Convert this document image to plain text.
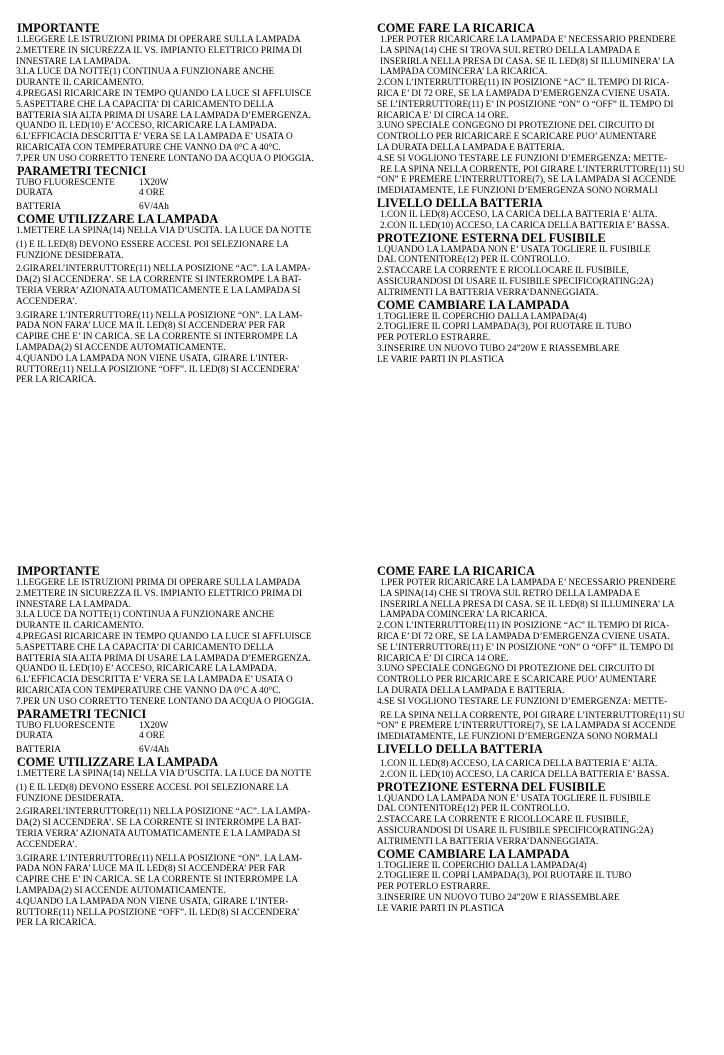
IMPORTANTE

1.LEGGERE LE ISTRUZIONI PRIMA DI OPERARE SULLA LAMPADA

2.METTERE IN SICUREZZA IL VS. IMPIANTO ELETTRICO PRIMA DI

INNESTARE LA LAMPADA.

3.LA LUCE DA NOTTE(1) CONTINUA A FUNZIONARE ANCHE

DURANTE IL CARICAMENTO.

4.PREGASI RICARICARE IN TEMPO QUANDO LA LUCE SI AFFLUISCE

5.ASPETTARE CHE LA CAPACITA’ DI CARICAMENTO DELLA

BATTERIA SIA ALTA PRIMA DI USARE LA LAMPADA D’EMERGENZA.

QUANDO IL LED(10) E’ ACCESO, RICARICARE LA LAMPADA.

6.L’EFFICACIA DESCRITTA E’ VERA SE LA LAMPADA E’ USATA O

RICARICATA CON TEMPERATURE CHE VANNO DA 0°C A 40°C.

7.PER UN USO CORRETTO TENERE LONTANO DA ACQUA O PIOGGIA.

PARAMETRI TECNICI

TUBO FLUORESCENTE	1X20W
DURATA	4 ORE
BATTERIA	6V/4Ah

COME UTILIZZARE LA LAMPADA

1.METTERE LA SPINA(14) NELLA VIA D’USCITA. LA LUCE DA NOTTE

(1) E IL LED(8) DEVONO ESSERE ACCESI. POI SELEZIONARE LA

FUNZIONE DESIDERATA.

2.GIRAREL’INTERRUTTORE(11) NELLA POSIZIONE “AC”. LA LAMPA-

DA(2) SI ACCENDERA’. SE LA CORRENTE SI INTERROMPE LA BAT-

TERIA VERRA’ AZIONATA AUTOMATICAMENTE E LA LAMPADA SI

ACCENDERA’.

3.GIRARE L’INTERRUTTORE(11) NELLA POSIZIONE “ON”. LA LAM-

PADA NON FARA’ LUCE MA IL LED(8) SI ACCENDERA’ PER FAR

CAPIRE CHE E’ IN CARICA. SE LA CORRENTE SI INTERROMPE LA

LAMPADA(2) SI ACCENDE AUTOMATICAMENTE.

4.QUANDO LA LAMPADA NON VIENE USATA, GIRARE L’INTER-

RUTTORE(11) NELLA POSIZIONE “OFF”. IL LED(8) SI ACCENDERA’

PER LA RICARICA.

COME FARE LA RICARICA

1.PER POTER RICARICARE LA LAMPADA E’ NECESSARIO PRENDERE

LA SPINA(14) CHE SI TROVA SUL RETRO DELLA LAMPADA E

INSERIRLA NELLA PRESA DI CASA. SE IL LED(8) SI ILLUMINERA’ LA

LAMPADA COMINCERA’ LA RICARICA.

2.CON L’INTERRUTTORE(11) IN POSIZIONE “AC” IL TEMPO DI RICA-

RICA E’ DI 72 ORE, SE LA LAMPADA D’EMERGENZA CVIENE USATA.

SE L’INTERRUTTORE(11) E’ IN POSIZIONE “ON” O “OFF” IL TEMPO DI

RICARICA E’ DI CIRCA 14 ORE.

3.UNO SPECIALE CONGEGNO DI PROTEZIONE DEL CIRCUITO DI

CONTROLLO PER RICARICARE E SCARICARE PUO’ AUMENTARE

LA DURATA DELLA LAMPADA E BATTERIA.

4.SE SI VOGLIONO TESTARE LE FUNZIONI D’EMERGENZA: METTE-

RE LA SPINA NELLA CORRENTE, POI GIRARE L’INTERRUTTORE(11) SU

“ON” E PREMERE L’INTERRUTTORE(7), SE LA LAMPADA SI ACCENDE

IMEDIATAMENTE, LE FUNZIONI D’EMERGENZA SONO NORMALI

LIVELLO DELLA BATTERIA

1.CON IL LED(8) ACCESO, LA CARICA DELLA BATTERIA E’ ALTA.

2.CON IL LED(10) ACCESO, LA CARICA DELLA BATTERIA E’ BASSA.

PROTEZIONE ESTERNA DEL FUSIBILE

1.QUANDO LA LAMPADA NON E’ USATA TOGLIERE IL FUSIBILE

DAL CONTENITORE(12) PER IL CONTROLLO.

2.STACCARE LA CORRENTE E RICOLLOCARE IL FUSIBILE,

ASSICURANDOSI DI USARE IL FUSIBILE SPECIFICO(RATING:2A)

ALTRIMENTI LA BATTERIA VERRA’DANNEGGIATA.

COME CAMBIARE LA LAMPADA

1.TOGLIERE IL COPERCHIO DALLA LAMPADA(4)

2.TOGLIERE IL COPRI LAMPADA(3), POI RUOTARE IL TUBO

PER POTERLO ESTRARRE.

3.INSERIRE UN NUOVO TUBO 24”20W E RIASSEMBLARE

LE VARIE PARTI IN PLASTICA

IMPORTANTE

1.LEGGERE LE ISTRUZIONI PRIMA DI OPERARE SULLA LAMPADA

2.METTERE IN SICUREZZA IL VS. IMPIANTO ELETTRICO PRIMA DI

INNESTARE LA LAMPADA.

3.LA LUCE DA NOTTE(1) CONTINUA A FUNZIONARE ANCHE

DURANTE IL CARICAMENTO.

4.PREGASI RICARICARE IN TEMPO QUANDO LA LUCE SI AFFLUISCE

5.ASPETTARE CHE LA CAPACITA’ DI CARICAMENTO DELLA

BATTERIA SIA ALTA PRIMA DI USARE LA LAMPADA D’EMERGENZA.

QUANDO IL LED(10) E’ ACCESO, RICARICARE LA LAMPADA.

6.L’EFFICACIA DESCRITTA E’ VERA SE LA LAMPADA E’ USATA O

RICARICATA CON TEMPERATURE CHE VANNO DA 0°C A 40°C.

7.PER UN USO CORRETTO TENERE LONTANO DA ACQUA O PIOGGIA.

PARAMETRI TECNICI

TUBO FLUORESCENTE	1X20W
DURATA	4 ORE
BATTERIA	6V/4Ah

COME UTILIZZARE LA LAMPADA

1.METTERE LA SPINA(14) NELLA VIA D’USCITA. LA LUCE DA NOTTE

(1) E IL LED(8) DEVONO ESSERE ACCESI. POI SELEZIONARE LA

FUNZIONE DESIDERATA.

2.GIRAREL’INTERRUTTORE(11) NELLA POSIZIONE “AC”. LA LAMPA-

DA(2) SI ACCENDERA’. SE LA CORRENTE SI INTERROMPE LA BAT-

TERIA VERRA’ AZIONATA AUTOMATICAMENTE E LA LAMPADA SI

ACCENDERA’.

3.GIRARE L’INTERRUTTORE(11) NELLA POSIZIONE “ON”. LA LAM-

PADA NON FARA’ LUCE MA IL LED(8) SI ACCENDERA’ PER FAR

CAPIRE CHE E’ IN CARICA. SE LA CORRENTE SI INTERROMPE LA

LAMPADA(2) SI ACCENDE AUTOMATICAMENTE.

4.QUANDO LA LAMPADA NON VIENE USATA, GIRARE L’INTER-

RUTTORE(11) NELLA POSIZIONE “OFF”. IL LED(8) SI ACCENDERA’

PER LA RICARICA.

COME FARE LA RICARICA

1.PER POTER RICARICARE LA LAMPADA E’ NECESSARIO PRENDERE

LA SPINA(14) CHE SI TROVA SUL RETRO DELLA LAMPADA E

INSERIRLA NELLA PRESA DI CASA. SE IL LED(8) SI ILLUMINERA’ LA

LAMPADA COMINCERA’ LA RICARICA.

2.CON L’INTERRUTTORE(11) IN POSIZIONE “AC” IL TEMPO DI RICA-

RICA E’ DI 72 ORE, SE LA LAMPADA D’EMERGENZA CVIENE USATA.

SE L’INTERRUTTORE(11) E’ IN POSIZIONE “ON” O “OFF” IL TEMPO DI

RICARICA E’ DI CIRCA 14 ORE.

3.UNO SPECIALE CONGEGNO DI PROTEZIONE DEL CIRCUITO DI

CONTROLLO PER RICARICARE E SCARICARE PUO’ AUMENTARE

LA DURATA DELLA LAMPADA E BATTERIA.

4.SE SI VOGLIONO TESTARE LE FUNZIONI D’EMERGENZA: METTE-

RE LA SPINA NELLA CORRENTE, POI GIRARE L’INTERRUTTORE(11) SU

“ON” E PREMERE L’INTERRUTTORE(7), SE LA LAMPADA SI ACCENDE

IMEDIATAMENTE, LE FUNZIONI D’EMERGENZA SONO NORMALI

LIVELLO DELLA BATTERIA

1.CON IL LED(8) ACCESO, LA CARICA DELLA BATTERIA E’ ALTA.

2.CON IL LED(10) ACCESO, LA CARICA DELLA BATTERIA E’ BASSA.

PROTEZIONE ESTERNA DEL FUSIBILE

1.QUANDO LA LAMPADA NON E’ USATA TOGLIERE IL FUSIBILE

DAL CONTENITORE(12) PER IL CONTROLLO.

2.STACCARE LA CORRENTE E RICOLLOCARE IL FUSIBILE,

ASSICURANDOSI DI USARE IL FUSIBILE SPECIFICO(RATING:2A)

ALTRIMENTI LA BATTERIA VERRA’DANNEGGIATA.

COME CAMBIARE LA LAMPADA

1.TOGLIERE IL COPERCHIO DALLA LAMPADA(4)

2.TOGLIERE IL COPRI LAMPADA(3), POI RUOTARE IL TUBO

PER POTERLO ESTRARRE.

3.INSERIRE UN NUOVO TUBO 24”20W E RIASSEMBLARE

LE VARIE PARTI IN PLASTICA
